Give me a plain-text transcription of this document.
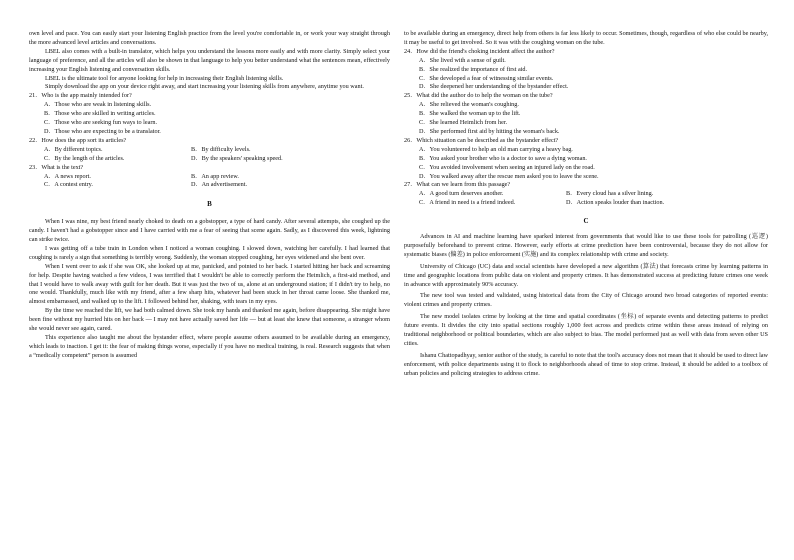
own level and pace. You can easily start your listening English practice from the level you're comfortable in, or work your way straight through the more advanced level articles and conversations.

LBEL also comes with a built-in translator, which helps you understand the lessons more easily and with more clarity. Simply select your language of preference, and all the articles will also be shown in that language to help you better understand what the sentences mean, effectively increasing your English listening and conversation skills.

LBEL is the ultimate tool for anyone looking for help in increasing their English listening skills.

Simply download the app on your device right away, and start increasing your listening skills from anywhere, anytime you want.

21．Who is the app mainly intended for?

A．Those who are weak in listening skills.

B．Those who are skilled in writing articles.

C．Those who are seeking fun ways to learn.

D．Those who are expecting to be a translator.

22．How does the app sort its articles?

A．By different topics.	B．By difficulty levels.
C．By the length of the articles.	D．By the speakers' speaking speed.

23．What is the text?

A．A news report.	B．An app review.
C．A contest entry.	D．An advertisement.
B

When I was nine, my best friend nearly choked to death on a gobstopper, a type of hard candy. After several attempts, she coughed up the candy. I haven't had a gobstopper since and I have carried with me a fear of seeing that scene again. Sadly, as I discovered this week, lightning can strike twice.

I was getting off a tube train in London when I noticed a woman coughing. I slowed down, watching her carefully. I had learned that coughing is rarely a sign that something is terribly wrong. Suddenly, the woman stopped coughing, her eyes widened and she bent over.

When I went over to ask if she was OK, she looked up at me, panicked, and pointed to her back. I started hitting her back and screaming for help. Despite having watched a few videos, I was terrified that I wouldn't be able to correctly perform the Heimlich, a first-aid method, and that I would have to walk away with guilt for her death. But it was just the two of us, alone at an underground station; if I didn't try to help, no one would. Thankfully, much like with my friend, after a few sharp hits, whatever had been stuck in her throat came loose. She thanked me, almost embarrassed, and walked up to the lift. I followed behind her, shaking, with tears in my eyes.

By the time we reached the lift, we had both calmed down. She took my hands and thanked me again, before disappearing. She might have been fine without my hurried hits on her back — I may not have actually saved her life — but at least she knew that someone, a stranger whom she would never see again, cared.

This experience also taught me about the bystander effect, where people assume others assumed to be available during an emergency, which leads to inaction. I get it: the fear of making things worse, especially if you have no medical training, is real. Research suggests that when a “medically competent” person is assumed

to be available during an emergency, direct help from others is far less likely to occur. Sometimes, though, regardless of who else could be nearby, it may be useful to get involved. So it was with the coughing woman on the tube.

24．How did the friend's choking incident affect the author?

A．She lived with a sense of guilt.

B．She realized the importance of first aid.

C．She developed a fear of witnessing similar events.

D．She deepened her understanding of the bystander effect.

25．What did the author do to help the woman on the tube?

A．She relieved the woman's coughing.

B．She walked the woman up to the lift.

C．She learned Heimlich from her.

D．She performed first aid by hitting the woman's back.

26．Which situation can be described as the bystander effect?

A．You volunteered to help an old man carrying a heavy bag.

B．You asked your brother who is a doctor to save a dying woman.

C．You avoided involvement when seeing an injured lady on the road.

D．You walked away after the rescue men asked you to leave the scene.

27．What can we learn from this passage?

A．A good turn deserves another.	B．Every cloud has a silver lining.
C．A friend in need is a friend indeed.	D．Action speaks louder than inaction.
C

Advances in AI and machine learning have sparked interest from governments that would like to use these tools for patrolling (巡逻) purposefully beforehand to prevent crime. However, early efforts at crime prediction have been controversial, because they do not allow for systematic biases (偏差) in police enforcement (实施) and its complex relationship with crime and society.

University of Chicago (UC) data and social scientists have developed a new algorithm (算法) that forecasts crime by learning patterns in time and geographic locations from public data on violent and property crimes. It has demonstrated success at predicting future crimes one week in advance with approximately 90% accuracy.

The new tool was tested and validated, using historical data from the City of Chicago around two broad categories of reported events: violent crimes and property crimes.

The new model isolates crime by looking at the time and spatial coordinates (坐标) of separate events and detecting patterns to predict future events. It divides the city into spatial sections roughly 1,000 feet across and predicts crime within these areas instead of relying on traditional neighborhood or political boundaries, which are also subject to bias. The model performed just as well with data from seven other US cities.

Ishanu Chattopadhyay, senior author of the study, is careful to note that the tool's accuracy does not mean that it should be used to direct law enforcement, with police departments using it to flock to neighborhoods ahead of time to stop crime. Instead, it should be added to a toolbox of urban policies and policing strategies to address crime.
